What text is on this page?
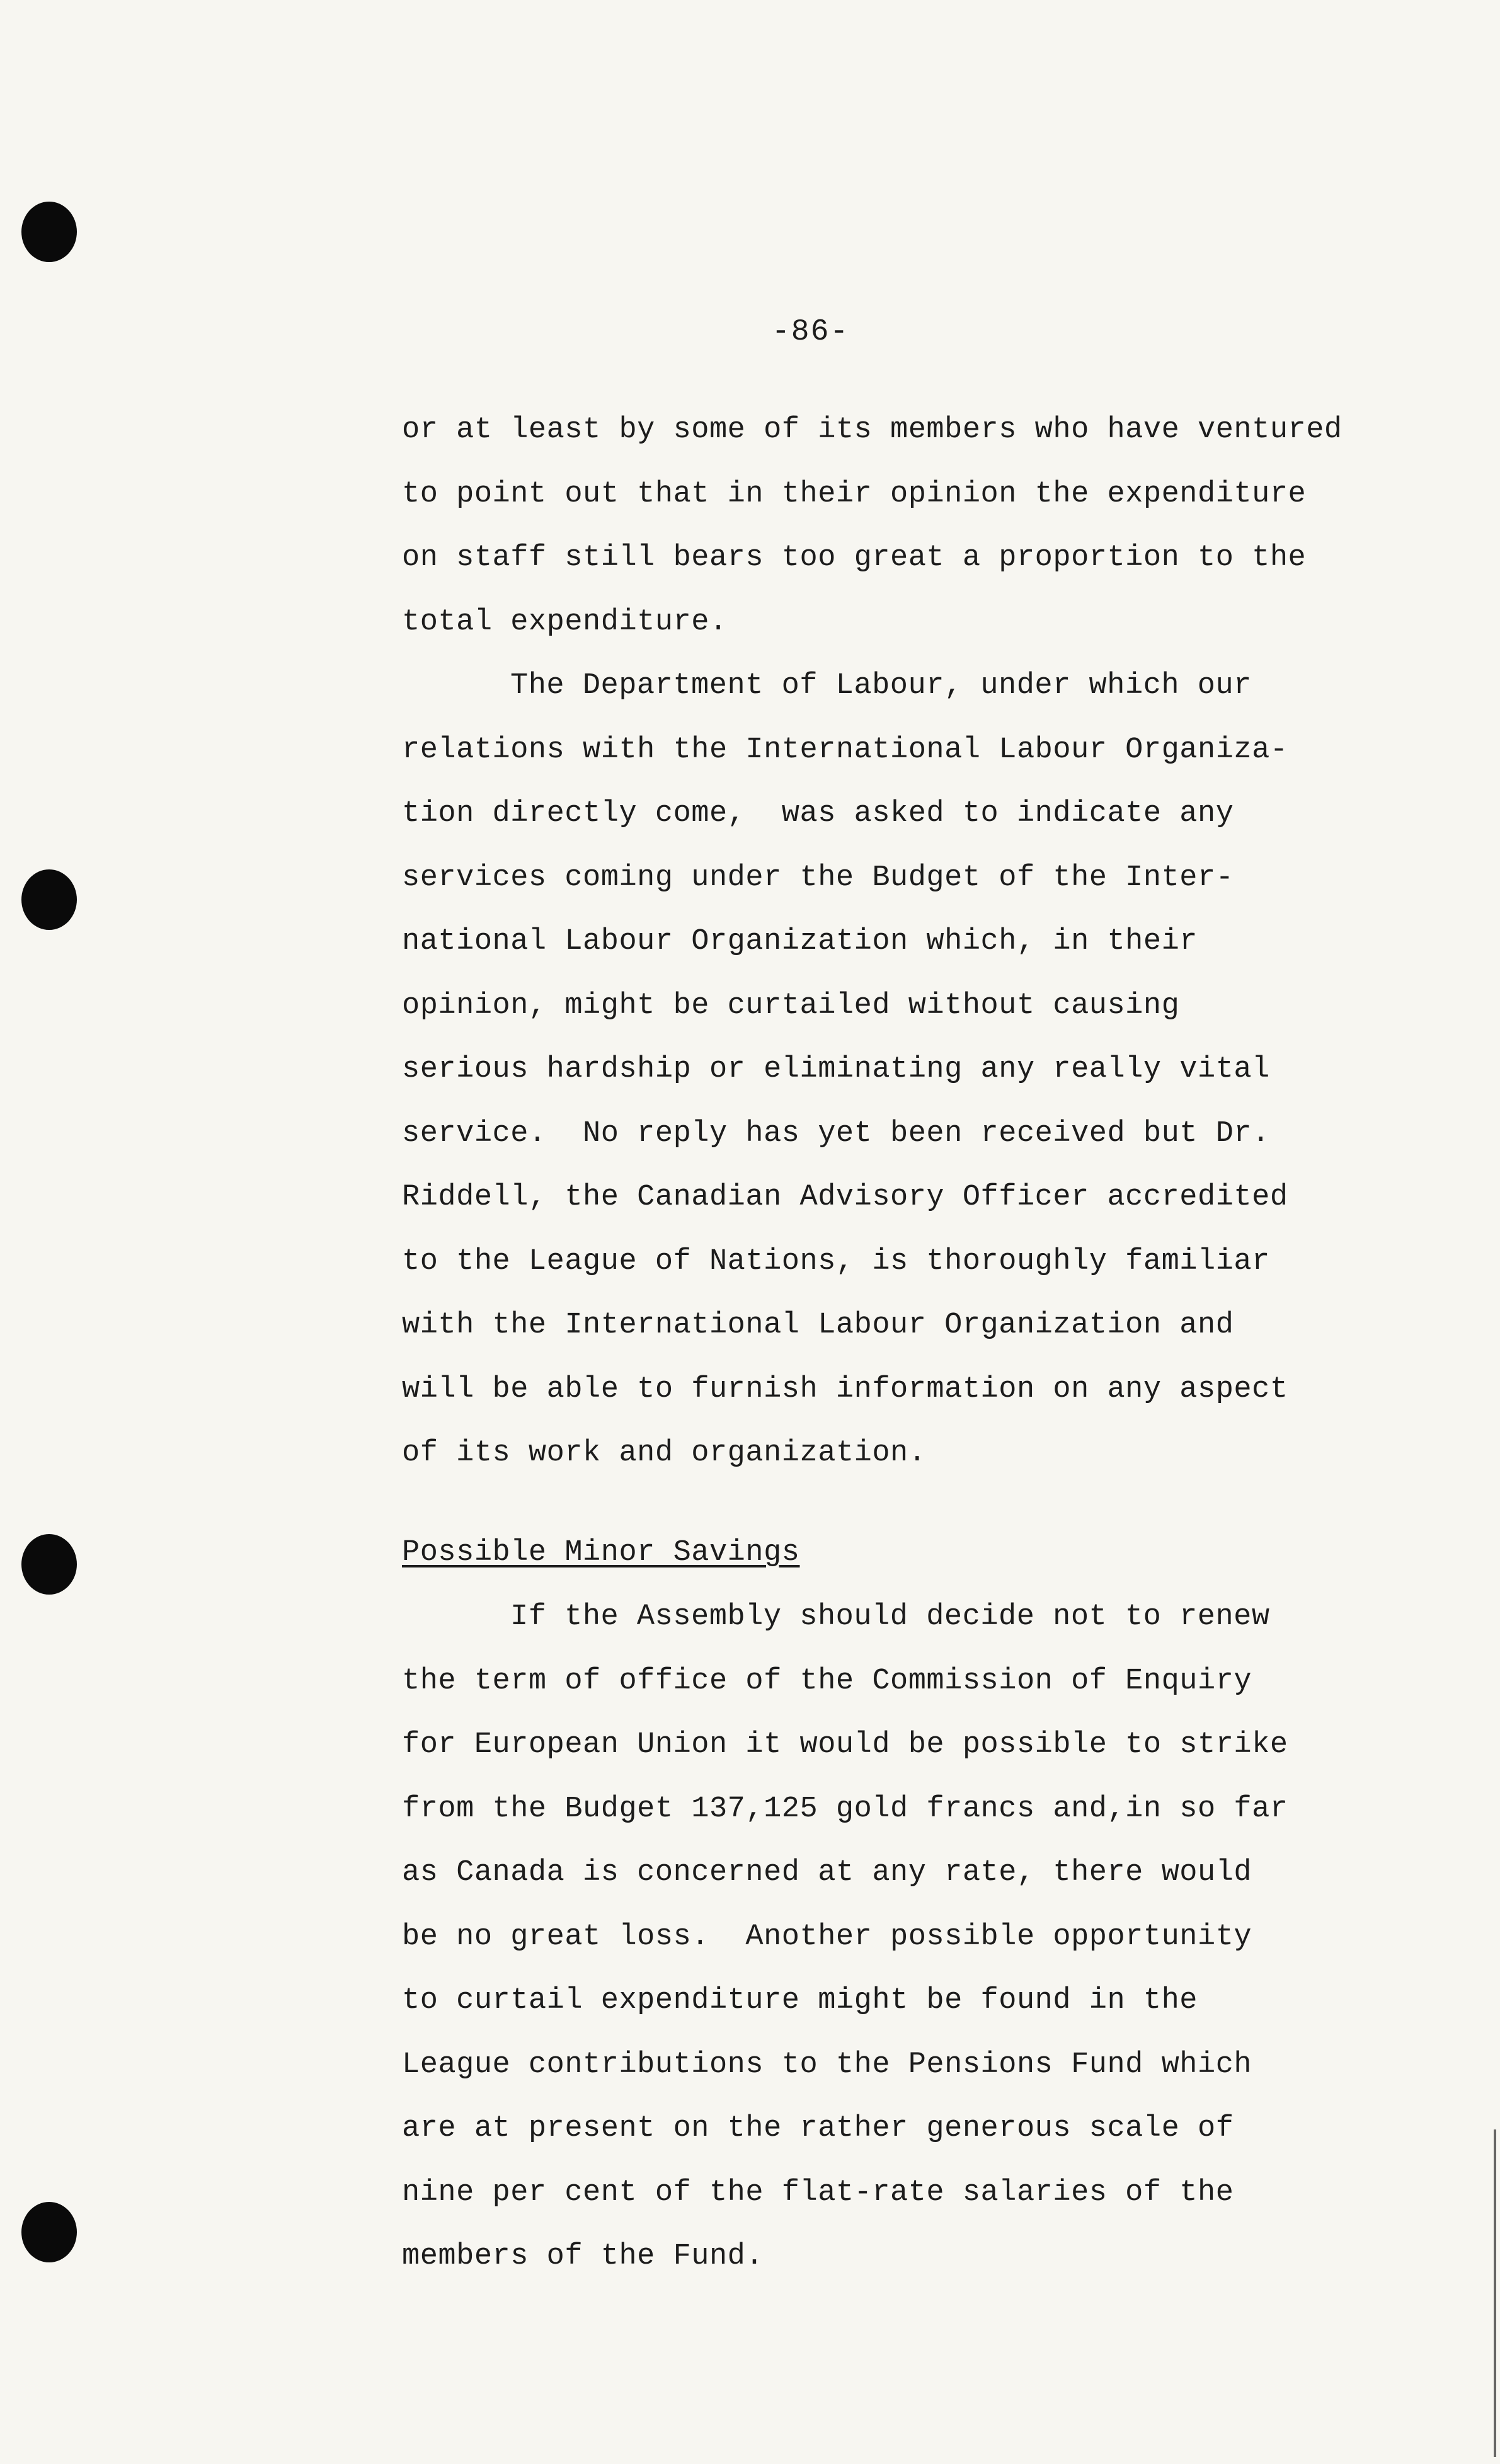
-86-
or at least by some of its members who have ventured
to point out that in their opinion the expenditure
on staff still bears too great a proportion to the
total expenditure.
The Department of Labour, under which our
relations with the International Labour Organiza-
tion directly come,  was asked to indicate any
services coming under the Budget of the Inter-
national Labour Organization which, in their
opinion, might be curtailed without causing
serious hardship or eliminating any really vital
service.  No reply has yet been received but Dr.
Riddell, the Canadian Advisory Officer accredited
to the League of Nations, is thoroughly familiar
with the International Labour Organization and
will be able to furnish information on any aspect
of its work and organization.
Possible Minor Savings
If the Assembly should decide not to renew
the term of office of the Commission of Enquiry
for European Union it would be possible to strike
from the Budget 137,125 gold francs and,in so far
as Canada is concerned at any rate, there would
be no great loss.  Another possible opportunity
to curtail expenditure might be found in the
League contributions to the Pensions Fund which
are at present on the rather generous scale of
nine per cent of the flat-rate salaries of the
members of the Fund.
